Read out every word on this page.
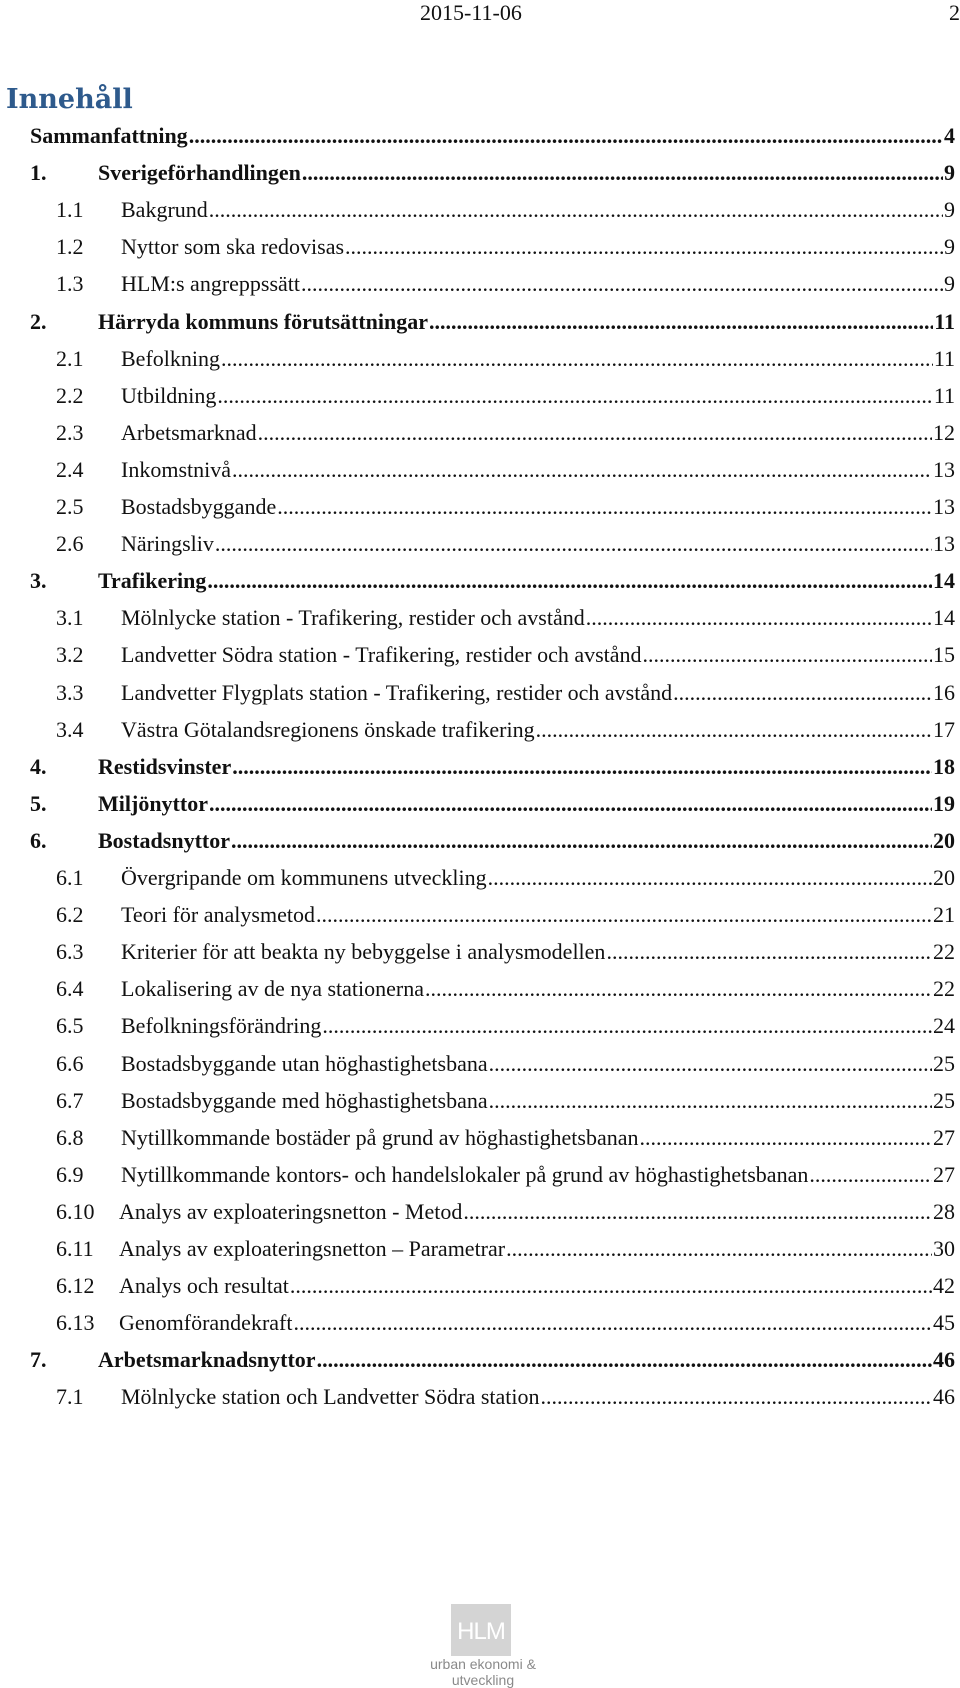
2015-11-06	2
Innehåll
Sammanfattning .....	4
1. Sverigeförhandlingen .....	9
1.1 Bakgrund .....	9
1.2 Nyttor som ska redovisas .....	9
1.3 HLM:s angreppssätt .....	9
2. Härryda kommuns förutsättningar .....	11
2.1 Befolkning .....	11
2.2 Utbildning .....	11
2.3 Arbetsmarknad .....	12
2.4 Inkomstnivå .....	13
2.5 Bostadsbyggande .....	13
2.6 Näringsliv .....	13
3. Trafikering .....	14
3.1 Mölnlycke station - Trafikering, restider och avstånd .....	14
3.2 Landvetter Södra station - Trafikering, restider och avstånd .....	15
3.3 Landvetter Flygplats station - Trafikering, restider och avstånd .....	16
3.4 Västra Götalandsregionens önskade trafikering .....	17
4. Restidsvinster .....	18
5. Miljönyttor .....	19
6. Bostadsnyttor .....	20
6.1 Övergripande om kommunens utveckling .....	20
6.2 Teori för analysmetod .....	21
6.3 Kriterier för att beakta ny bebyggelse i analysmodellen .....	22
6.4 Lokalisering av de nya stationerna .....	22
6.5 Befolkningsförändring .....	24
6.6 Bostadsbyggande utan höghastighetsbana .....	25
6.7 Bostadsbyggande med höghastighetsbana .....	25
6.8 Nytillkommande bostäder på grund av höghastighetsbanan .....	27
6.9 Nytillkommande kontors- och handelslokaler på grund av höghastighetsbanan .....	27
6.10 Analys av exploateringsnetton - Metod .....	28
6.11 Analys av exploateringsnetton – Parametrar .....	30
6.12 Analys och resultat .....	42
6.13 Genomförandekraft .....	45
7. Arbetsmarknadsnyttor .....	46
7.1 Mölnlycke station och Landvetter Södra station .....	46
HLM
urban ekonomi & utveckling
